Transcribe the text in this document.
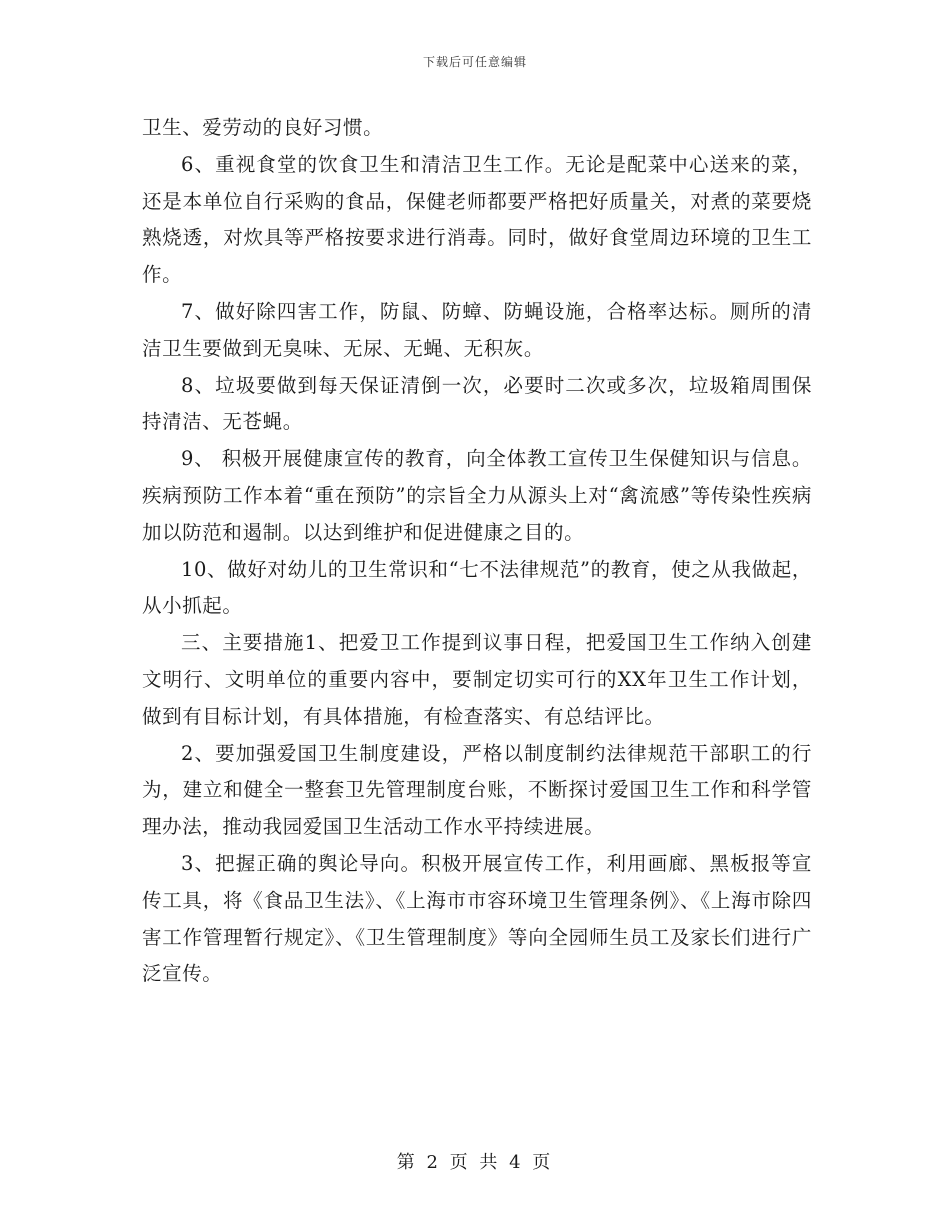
下载后可任意编辑

卫生、爱劳动的良好习惯。

6、重视食堂的饮食卫生和清洁卫生工作。无论是配菜中心送来的菜，还是本单位自行采购的食品，保健老师都要严格把好质量关，对煮的菜要烧熟烧透，对炊具等严格按要求进行消毒。同时，做好食堂周边环境的卫生工作。

7、做好除四害工作，防鼠、防蟑、防蝇设施，合格率达标。厕所的清洁卫生要做到无臭味、无尿、无蝇、无积灰。

8、垃圾要做到每天保证清倒一次，必要时二次或多次，垃圾箱周围保持清洁、无苍蝇。

9、 积极开展健康宣传的教育，向全体教工宣传卫生保健知识与信息。疾病预防工作本着“重在预防”的宗旨全力从源头上对“禽流感”等传染性疾病加以防范和遏制。以达到维护和促进健康之目的。

10、做好对幼儿的卫生常识和“七不法律规范”的教育，使之从我做起，从小抓起。

三、主要措施1、把爱卫工作提到议事日程，把爱国卫生工作纳入创建文明行、文明单位的重要内容中，要制定切实可行的XX年卫生工作计划，做到有目标计划，有具体措施，有检查落实、有总结评比。

2、要加强爱国卫生制度建设，严格以制度制约法律规范干部职工的行为，建立和健全一整套卫先管理制度台账，不断探讨爱国卫生工作和科学管理办法，推动我园爱国卫生活动工作水平持续进展。

3、把握正确的舆论导向。积极开展宣传工作，利用画廊、黑板报等宣传工具，将《食品卫生法》、《上海市市容环境卫生管理条例》、《上海市除四害工作管理暂行规定》、《卫生管理制度》等向全园师生员工及家长们进行广泛宣传。

第 2 页 共 4 页
